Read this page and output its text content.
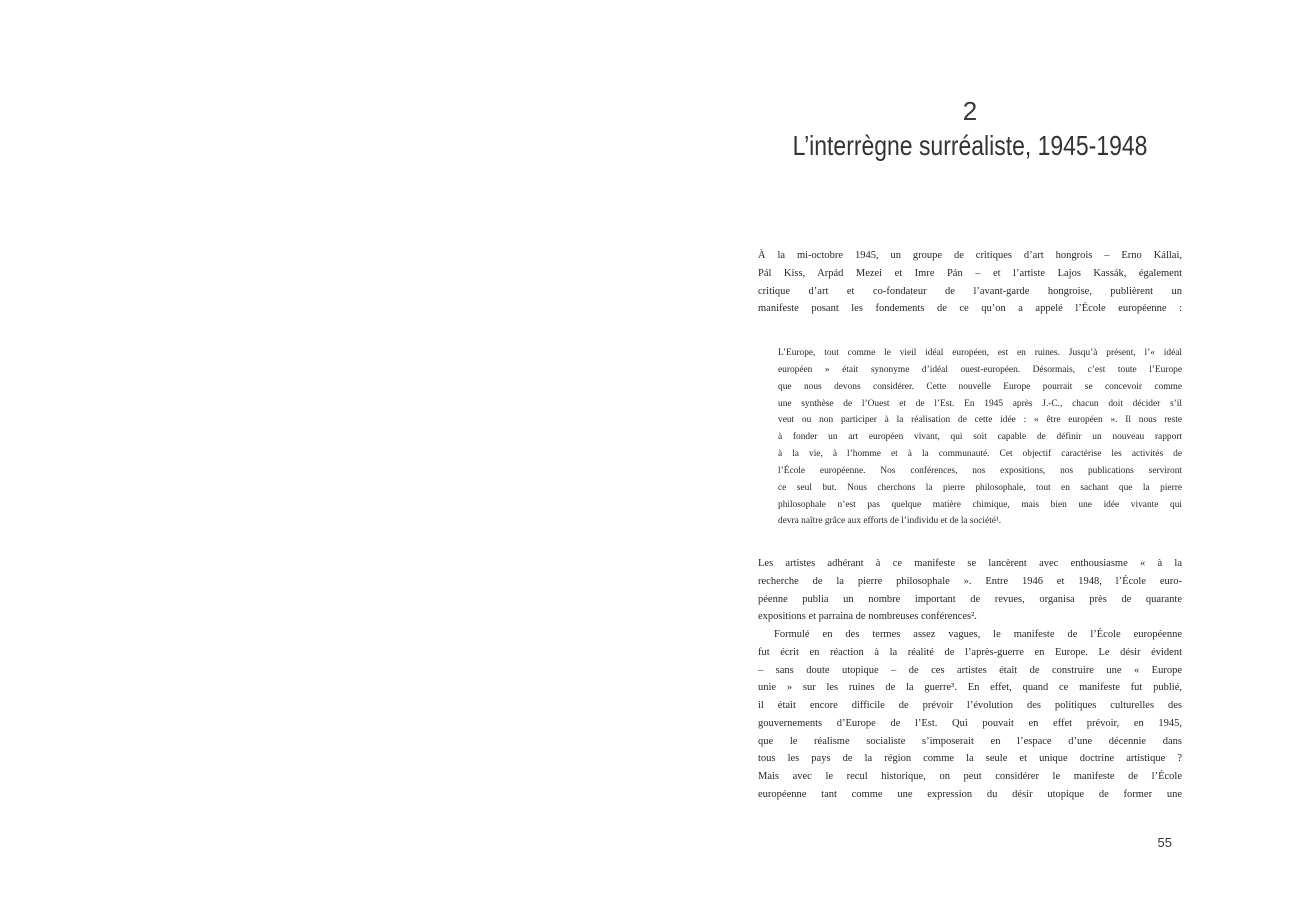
2
L’interrègne surréaliste, 1945-1948
À la mi-octobre 1945, un groupe de critiques d’art hongrois – Erno Kállai,
Pál Kiss, Arpád Mezei et Imre Pán – et l’artiste Lajos Kassák, également
critique d’art et co-fondateur de l’avant-garde hongroise, publièrent un
manifeste posant les fondements de ce qu’on a appelé l’École européenne :
L’Europe, tout comme le vieil idéal européen, est en ruines. Jusqu’à présent, l’« idéal
européen » était synonyme d’idéal ouest-européen. Désormais, c’est toute l’Europe
que nous devons considérer. Cette nouvelle Europe pourrait se concevoir comme
une synthèse de l’Ouest et de l’Est. En 1945 après J.-C., chacun doit décider s’il
veut ou non participer à la réalisation de cette idée : « être européen ». Il nous reste
à fonder un art européen vivant, qui soit capable de définir un nouveau rapport
à la vie, à l’homme et à la communauté. Cet objectif caractérise les activités de
l’École européenne. Nos conférences, nos expositions, nos publications serviront
ce seul but. Nous cherchons la pierre philosophale, tout en sachant que la pierre
philosophale n’est pas quelque matière chimique, mais bien une idée vivante qui
devra naître grâce aux efforts de l’individu et de la société¹.
Les artistes adhérant à ce manifeste se lancèrent avec enthousiasme « à la
recherche de la pierre philosophale ». Entre 1946 et 1948, l’École euro-
péenne publia un nombre important de revues, organisa près de quarante
expositions et parraina de nombreuses conférences².
Formulé en des termes assez vagues, le manifeste de l’École européenne
fut écrit en réaction à la réalité de l’après-guerre en Europe. Le désir évident
– sans doute utopique – de ces artistes était de construire une « Europe
unie » sur les ruines de la guerre³. En effet, quand ce manifeste fut publié,
il était encore difficile de prévoir l’évolution des politiques culturelles des
gouvernements d’Europe de l’Est. Qui pouvait en effet prévoir, en 1945,
que le réalisme socialiste s’imposerait en l’espace d’une décennie dans
tous les pays de la région comme la seule et unique doctrine artistique ?
Mais avec le recul historique, on peut considérer le manifeste de l’École
européenne tant comme une expression du désir utopique de former une
55
